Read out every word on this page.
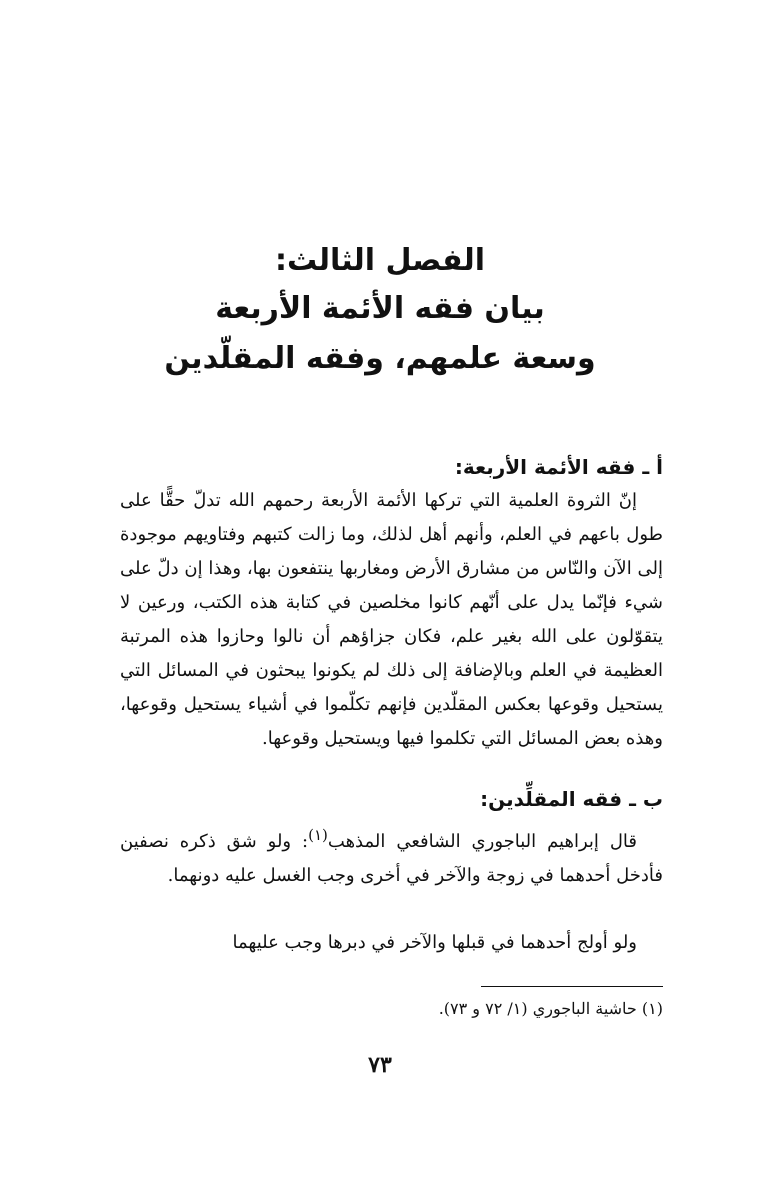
الفصل الثالث:

بيان فقه الأئمة الأربعة

وسعة علمهم، وفقه المقلّدين

أ ـ فقه الأئمة الأربعة:

إنّ الثروة العلمية التي تركها الأئمة الأربعة رحمهم الله تدلّ حقًّا على طول باعهم في العلم، وأنهم أهل لذلك، وما زالت كتبهم وفتاويهم موجودة إلى الآن والنّاس من مشارق الأرض ومغاربها ينتفعون بها، وهذا إن دلّ على شيء فإنّما يدل على أنّهم كانوا مخلصين في كتابة هذه الكتب، ورعين لا يتقوّلون على الله بغير علم، فكان جزاؤهم أن نالوا وحازوا هذه المرتبة العظيمة في العلم وبالإضافة إلى ذلك لم يكونوا يبحثون في المسائل التي يستحيل وقوعها بعكس المقلّدين فإنهم تكلّموا في أشياء يستحيل وقوعها، وهذه بعض المسائل التي تكلموا فيها ويستحيل وقوعها.

ب ـ فقه المقلِّدين:

قال إبراهيم الباجوري الشافعي المذهب$^{(١)}$: ولو شق ذكره نصفين فأدخل أحدهما في زوجة والآخر في أخرى وجب الغسل عليه دونهما.

ولو أولج أحدهما في قبلها والآخر في دبرها وجب عليهما

(١) حاشية الباجوري (١/ ٧٢ و ٧٣).

٧٣
